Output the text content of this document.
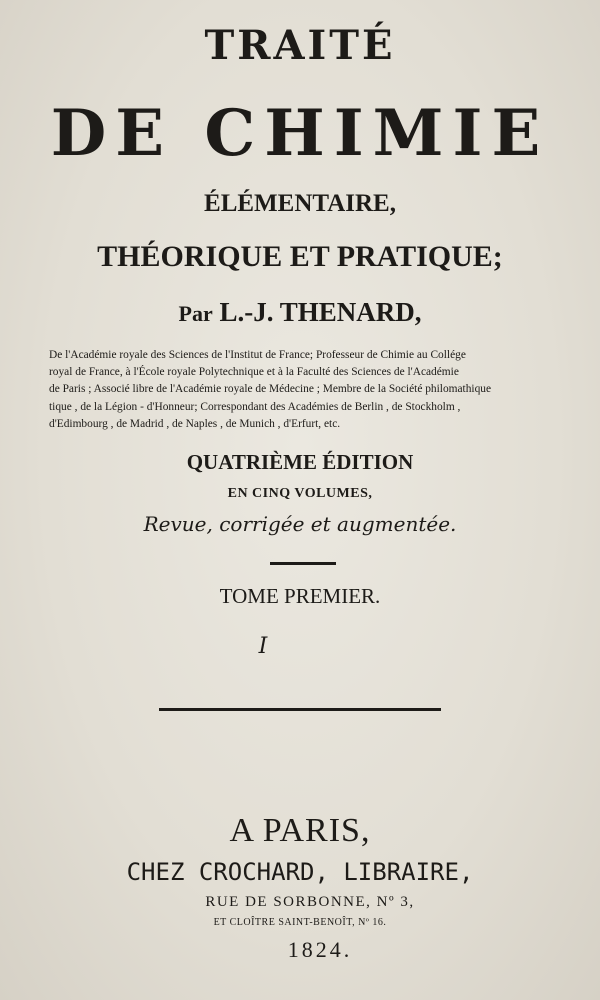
TRAITÉ
DE CHIMIE
ÉLÉMENTAIRE,
THÉORIQUE ET PRATIQUE;
Par L.-J. THENARD,
De l'Académie royale des Sciences de l'Institut de France; Professeur de Chimie au Collége
royal de France, à l'École royale Polytechnique et à la Faculté des Sciences de l'Académie
de Paris ; Associé libre de l'Académie royale de Médecine ; Membre de la Société philomathique
tique , de la Légion - d'Honneur; Correspondant des Académies de Berlin , de Stockholm ,
d'Edimbourg , de Madrid , de Naples , de Munich , d'Erfurt, etc.
QUATRIÈME ÉDITION
EN CINQ VOLUMES,
Revue, corrigée et augmentée.
TOME PREMIER.
I
A PARIS,
CHEZ CROCHARD, LIBRAIRE,
RUE DE SORBONNE, Nº 3,
ET CLOÎTRE SAINT-BENOÎT, Nº 16.
1824.
